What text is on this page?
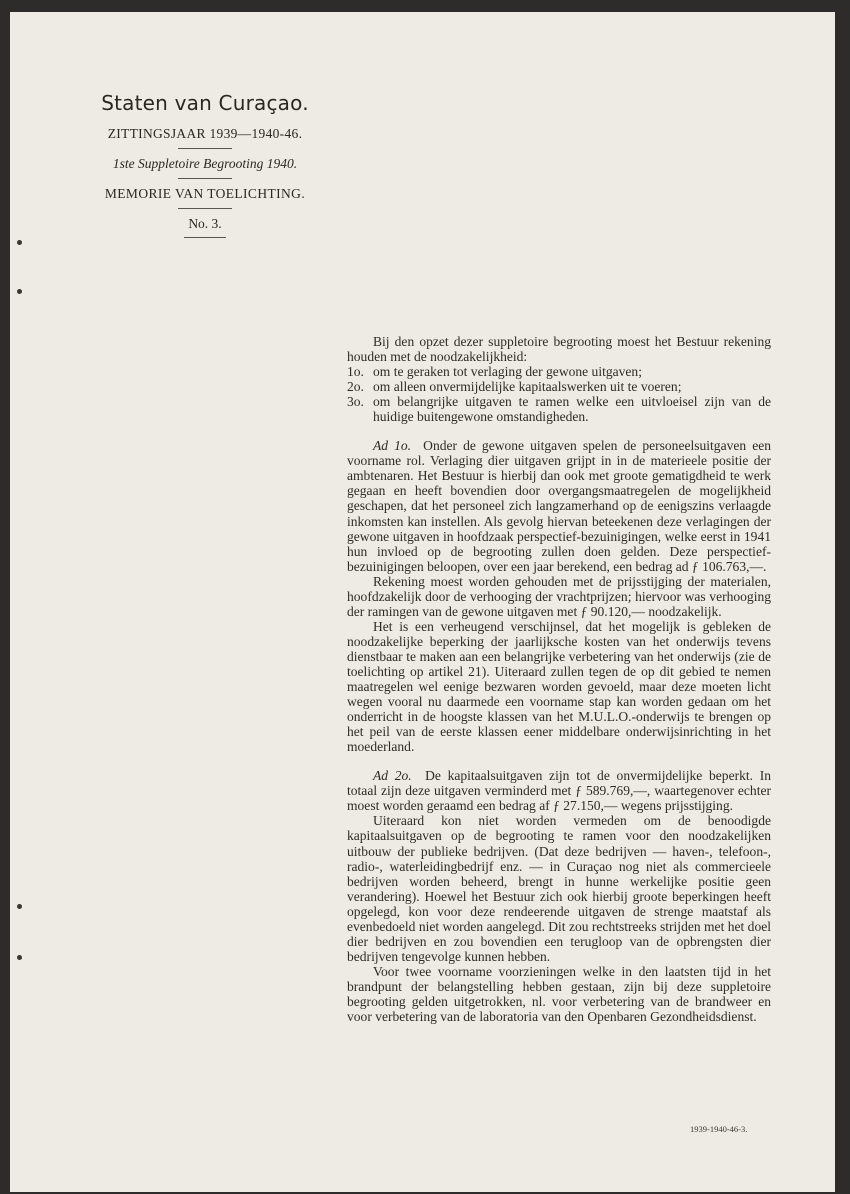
Staten van Curaçao.
ZITTINGSJAAR 1939—1940-46.
1ste Suppletoire Begrooting 1940.
MEMORIE VAN TOELICHTING.
No. 3.

Bij den opzet dezer suppletoire begrooting moest het Bestuur rekening houden met de noodzakelijkheid:

1o. om te geraken tot verlaging der gewone uitgaven;
2o. om alleen onvermijdelijke kapitaalswerken uit te voeren;
3o. om belangrijke uitgaven te ramen welke een uitvloeisel zijn van de huidige buitengewone omstandigheden.

Ad 1o. Onder de gewone uitgaven spelen de personeelsuitgaven een voorname rol. Verlaging dier uitgaven grijpt in in de materieele positie der ambtenaren. Het Bestuur is hierbij dan ook met groote gematigdheid te werk gegaan en heeft bovendien door overgangsmaatregelen de mogelijkheid geschapen, dat het personeel zich langzamerhand op de eenigszins verlaagde inkomsten kan instellen. Als gevolg hiervan beteekenen deze verlagingen der gewone uitgaven in hoofdzaak perspectief-bezuinigingen, welke eerst in 1941 hun invloed op de begrooting zullen doen gelden. Deze perspectief-bezuinigingen beloopen, over een jaar berekend, een bedrag ad ƒ 106.763,—.

Rekening moest worden gehouden met de prijsstijging der materialen, hoofdzakelijk door de verhooging der vrachtprijzen; hiervoor was verhooging der ramingen van de gewone uitgaven met ƒ 90.120,— noodzakelijk.

Het is een verheugend verschijnsel, dat het mogelijk is gebleken de noodzakelijke beperking der jaarlijksche kosten van het onderwijs tevens dienstbaar te maken aan een belangrijke verbetering van het onderwijs (zie de toelichting op artikel 21). Uiteraard zullen tegen de op dit gebied te nemen maatregelen wel eenige bezwaren worden gevoeld, maar deze moeten licht wegen vooral nu daarmede een voorname stap kan worden gedaan om het onderricht in de hoogste klassen van het M.U.L.O.-onderwijs te brengen op het peil van de eerste klassen eener middelbare onderwijsinrichting in het moederland.

Ad 2o. De kapitaalsuitgaven zijn tot de onvermijdelijke beperkt. In totaal zijn deze uitgaven verminderd met ƒ 589.769,—, waartegenover echter moest worden geraamd een bedrag af ƒ 27.150,— wegens prijsstijging.

Uiteraard kon niet worden vermeden om de benoodigde kapitaalsuitgaven op de begrooting te ramen voor den noodzakelijken uitbouw der publieke bedrijven. (Dat deze bedrijven — haven-, telefoon-, radio-, waterleidingbedrijf enz. — in Curaçao nog niet als commercieele bedrijven worden beheerd, brengt in hunne werkelijke positie geen verandering). Hoewel het Bestuur zich ook hierbij groote beperkingen heeft opgelegd, kon voor deze rendeerende uitgaven de strenge maatstaf als evenbedoeld niet worden aangelegd. Dit zou rechtstreeks strijden met het doel dier bedrijven en zou bovendien een terugloop van de opbrengsten dier bedrijven tengevolge kunnen hebben.

Voor twee voorname voorzieningen welke in den laatsten tijd in het brandpunt der belangstelling hebben gestaan, zijn bij deze suppletoire begrooting gelden uitgetrokken, nl. voor verbetering van de brandweer en voor verbetering van de laboratoria van den Openbaren Gezondheidsdienst.

1939-1940-46-3.
